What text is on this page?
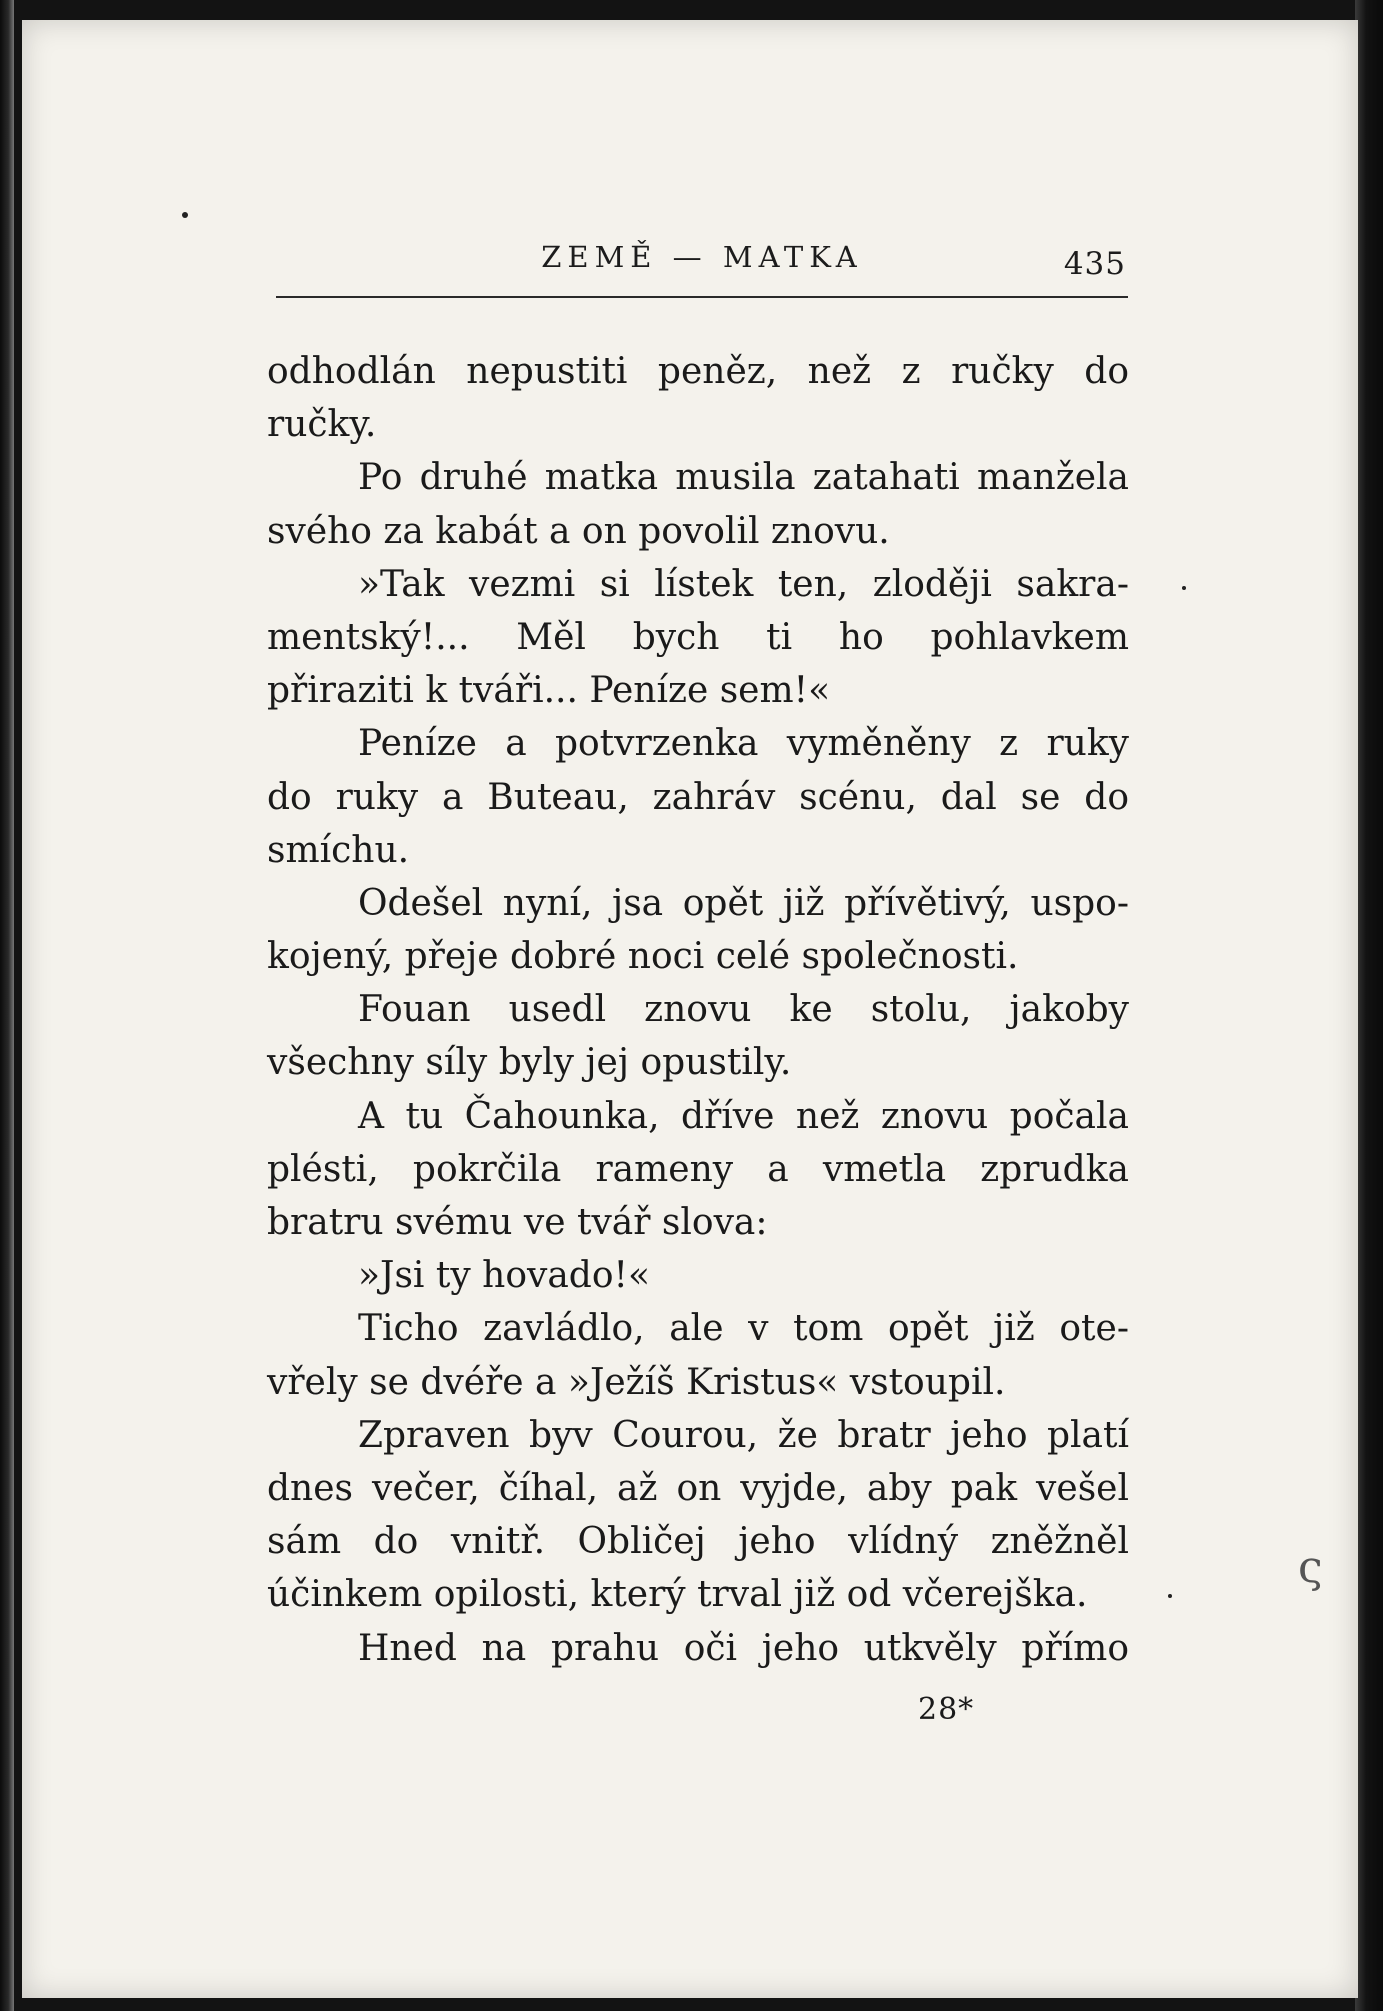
ZEMĚ — MATKA	435
odhodlán nepustiti peněz, než z ručky do
ručky.
Po druhé matka musila zatahati manžela
svého za kabát a on povolil znovu.
»Tak vezmi si lístek ten, zloději sakra-
mentský!... Měl bych ti ho pohlavkem
přiraziti k tváři... Peníze sem!«
Peníze a potvrzenka vyměněny z ruky
do ruky a Buteau, zahráv scénu, dal se do
smíchu.
Odešel nyní, jsa opět již přívětivý, uspo-
kojený, přeje dobré noci celé společnosti.
Fouan usedl znovu ke stolu, jakoby
všechny síly byly jej opustily.
A tu Čahounka, dříve než znovu počala
plésti, pokrčila rameny a vmetla zprudka
bratru svému ve tvář slova:
»Jsi ty hovado!«
Ticho zavládlo, ale v tom opět již ote-
vřely se dvéře a »Ježíš Kristus« vstoupil.
Zpraven byv Courou, že bratr jeho platí
dnes večer, číhal, až on vyjde, aby pak vešel
sám do vnitř. Obličej jeho vlídný zněžněl
účinkem opilosti, který trval již od včerejška.
Hned na prahu oči jeho utkvěly přímo
28*
ς
